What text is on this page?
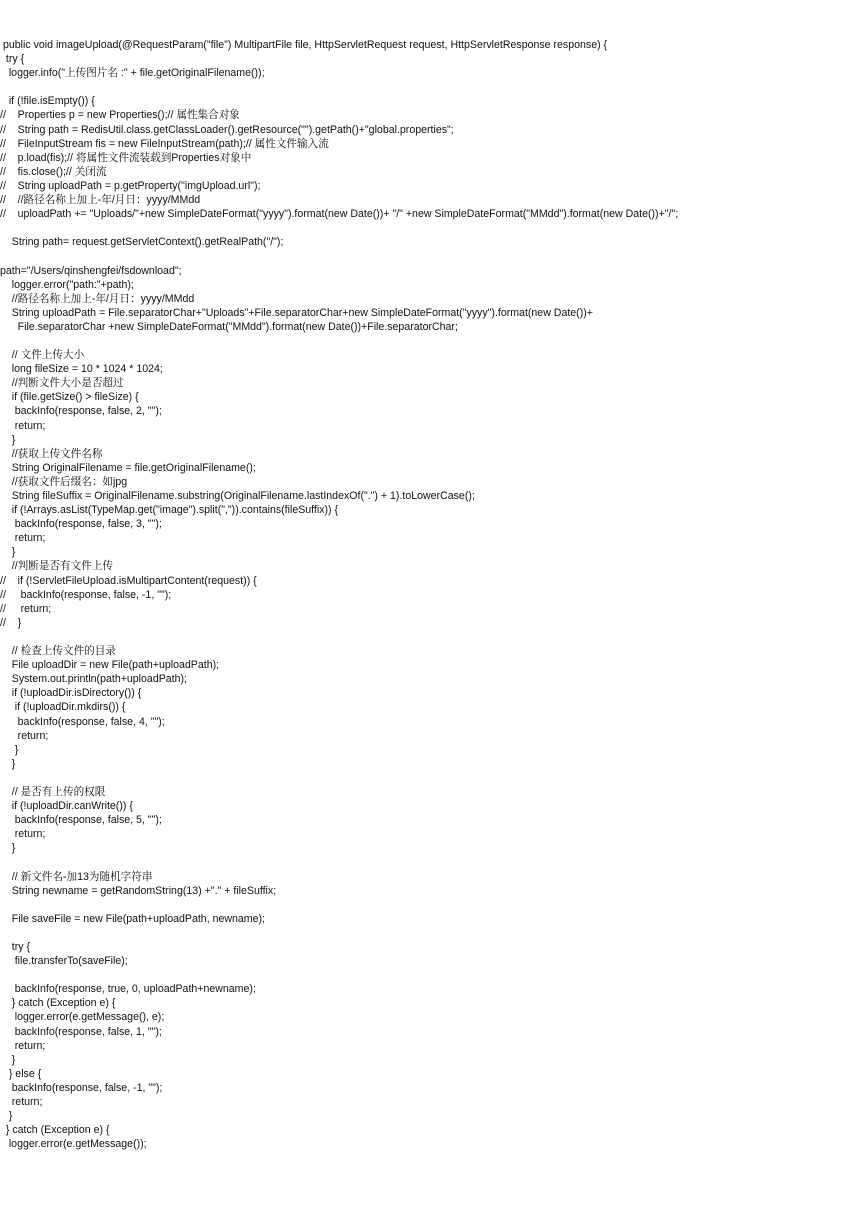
public void imageUpload(@RequestParam("file") MultipartFile file, HttpServletRequest request, HttpServletResponse response) {
try {
logger.info("上传图片名 :" + file.getOriginalFilename());
if (!file.isEmpty()) {
//    Properties p = new Properties();// 属性集合对象
//    String path = RedisUtil.class.getClassLoader().getResource("").getPath()+"global.properties";
//    FileInputStream fis = new FileInputStream(path);// 属性文件输入流
//    p.load(fis);// 将属性文件流装载到Properties对象中
//    fis.close();// 关闭流
//    String uploadPath = p.getProperty("imgUpload.url");
//    //路径名称上加上-年/月日：yyyy/MMdd
//    uploadPath += "Uploads/"+new SimpleDateFormat("yyyy").format(new Date())+ "/" +new SimpleDateFormat("MMdd").format(new Date())+"/";
String path= request.getServletContext().getRealPath("/");
path="/Users/qinshengfei/fsdownload";
logger.error("path:"+path);
//路径名称上加上-年/月日：yyyy/MMdd
String uploadPath = File.separatorChar+"Uploads"+File.separatorChar+new SimpleDateFormat("yyyy").format(new Date())+
File.separatorChar +new SimpleDateFormat("MMdd").format(new Date())+File.separatorChar;
// 文件上传大小
long fileSize = 10 * 1024 * 1024;
//判断文件大小是否超过
if (file.getSize() > fileSize) {
backInfo(response, false, 2, "");
return;
}
//获取上传文件名称
String OriginalFilename = file.getOriginalFilename();
//获取文件后缀名：如jpg
String fileSuffix = OriginalFilename.substring(OriginalFilename.lastIndexOf(".") + 1).toLowerCase();
if (!Arrays.asList(TypeMap.get("image").split(",")).contains(fileSuffix)) {
backInfo(response, false, 3, "");
return;
}
//判断是否有文件上传
//    if (!ServletFileUpload.isMultipartContent(request)) {
//     backInfo(response, false, -1, "");
//     return;
//    }
// 检查上传文件的目录
File uploadDir = new File(path+uploadPath);
System.out.println(path+uploadPath);
if (!uploadDir.isDirectory()) {
if (!uploadDir.mkdirs()) {
backInfo(response, false, 4, "");
return;
}
}
// 是否有上传的权限
if (!uploadDir.canWrite()) {
backInfo(response, false, 5, "");
return;
}
// 新文件名-加13为随机字符串
String newname = getRandomString(13) +"." + fileSuffix;
File saveFile = new File(path+uploadPath, newname);
try {
file.transferTo(saveFile);
backInfo(response, true, 0, uploadPath+newname);
} catch (Exception e) {
logger.error(e.getMessage(), e);
backInfo(response, false, 1, "");
return;
}
} else {
backInfo(response, false, -1, "");
return;
}
} catch (Exception e) {
logger.error(e.getMessage());
